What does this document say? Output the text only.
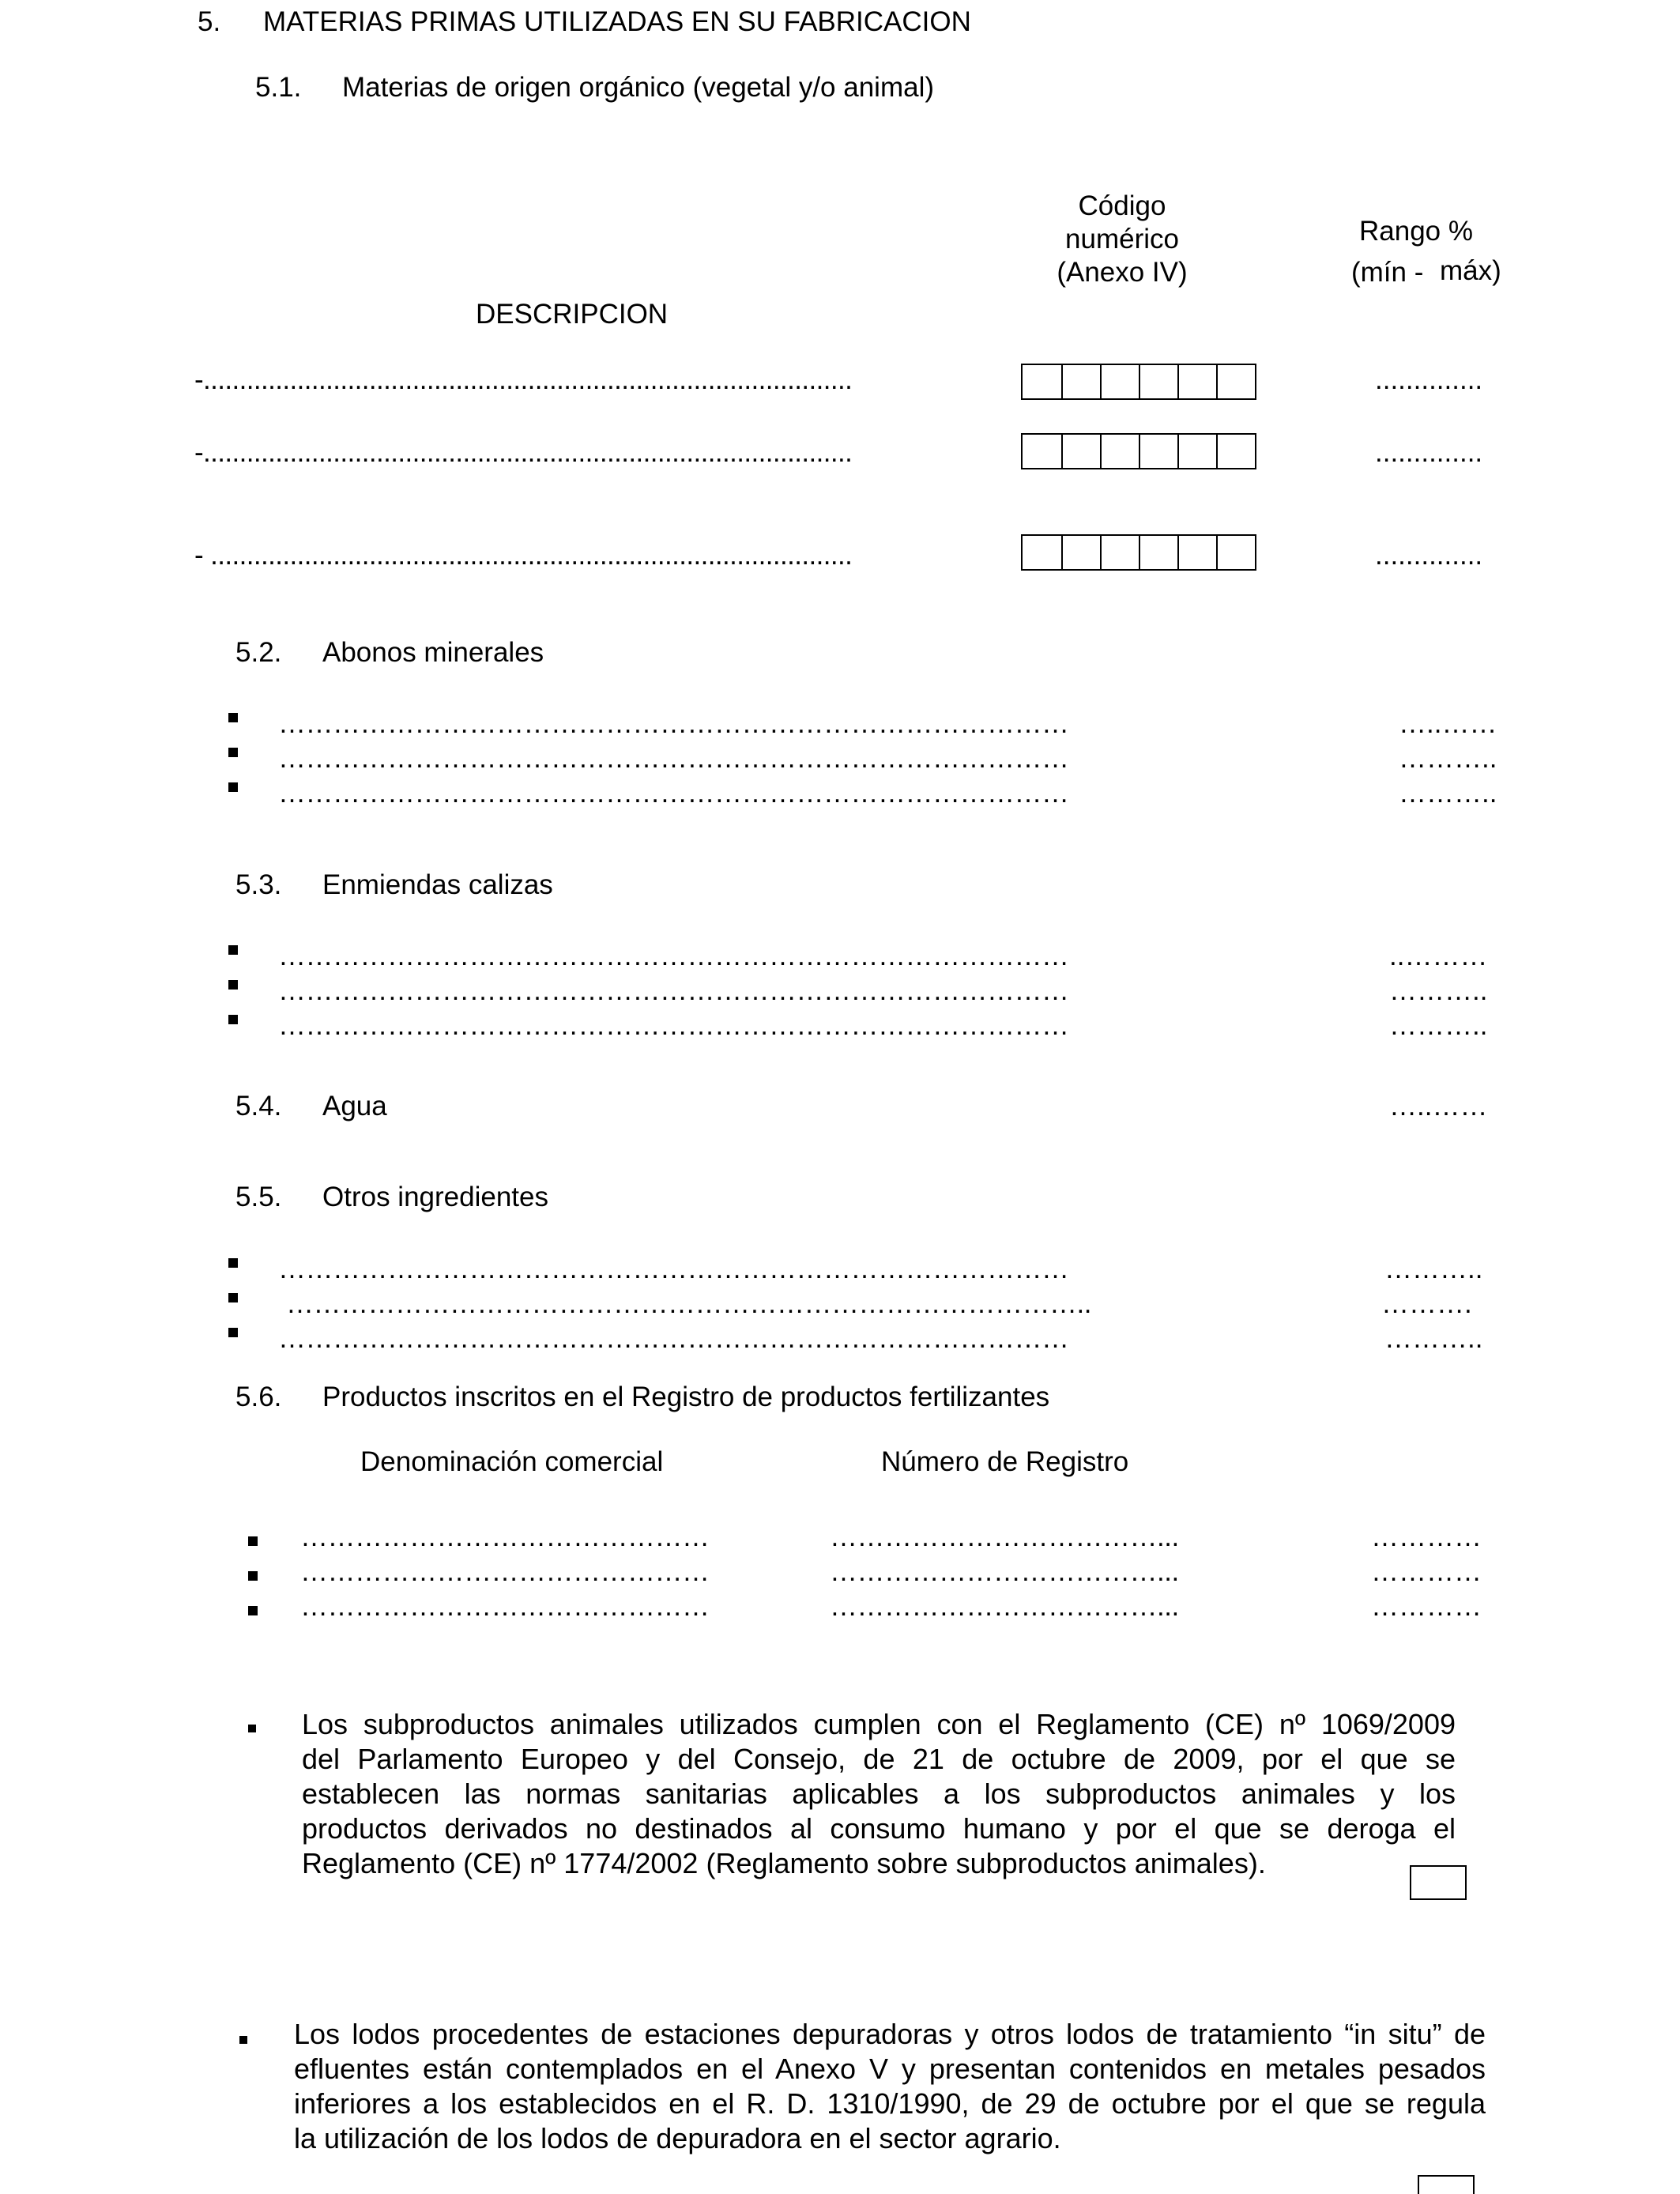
5. MATERIAS PRIMAS UTILIZADAS EN SU FABRICACION
5.1. Materias de origen orgánico (vegetal y/o animal)
Código
numérico
(Anexo IV)
Rango %
(mín - máx)
DESCRIPCION
-..........................................................................................	..............
-..........................................................................................	..............
- .........................................................................................	..............
5.2. Abonos minerales
……………………………………………………………………………	…..……
……………………………………………………………………………	………..
……………………………………………………………………………	………..
5.3. Enmiendas calizas
……………………………………………………………………………	..………
……………………………………………………………………………	………..
……………………………………………………………………………	………..
5.4. Agua	…..……
5.5. Otros ingredientes
……………………………………………………………………………	………..
……………………………………………………………………………..	……….
……………………………………………………………………………	………..
5.6. Productos inscritos en el Registro de productos fertilizantes
Denominación comercial	Número de Registro
………………………………………	………………………………...	…………
………………………………………	………………………………...	…………
………………………………………	………………………………...	…………

Los subproductos animales utilizados cumplen con el Reglamento (CE) nº 1069/2009

del Parlamento Europeo y del Consejo, de 21 de octubre de 2009, por el que se

establecen las normas sanitarias aplicables a los subproductos animales y los

productos derivados no destinados al consumo humano y por el que se deroga el

Reglamento (CE) nº 1774/2002 (Reglamento sobre subproductos animales).

Los lodos procedentes de estaciones depuradoras y otros lodos de tratamiento “in situ” de

efluentes están contemplados en el Anexo V y presentan contenidos en metales pesados

inferiores a los establecidos en el R. D. 1310/1990, de 29 de octubre por el que se regula

la utilización de los lodos de depuradora en el sector agrario.
